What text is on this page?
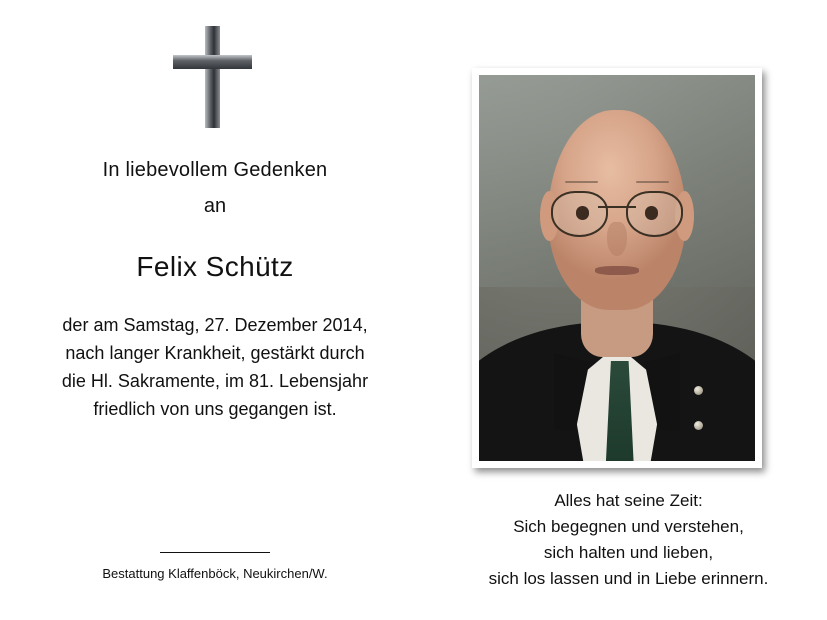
In liebevollem Gedenken
an
Felix Schütz
der am Samstag, 27. Dezember 2014,
nach langer Krankheit, gestärkt durch
die Hl. Sakramente, im 81. Lebensjahr
friedlich von uns gegangen ist.
Bestattung Klaffenböck, Neukirchen/W.
Alles hat seine Zeit:
Sich begegnen und verstehen,
sich halten und lieben,
sich los lassen und in Liebe erinnern.
